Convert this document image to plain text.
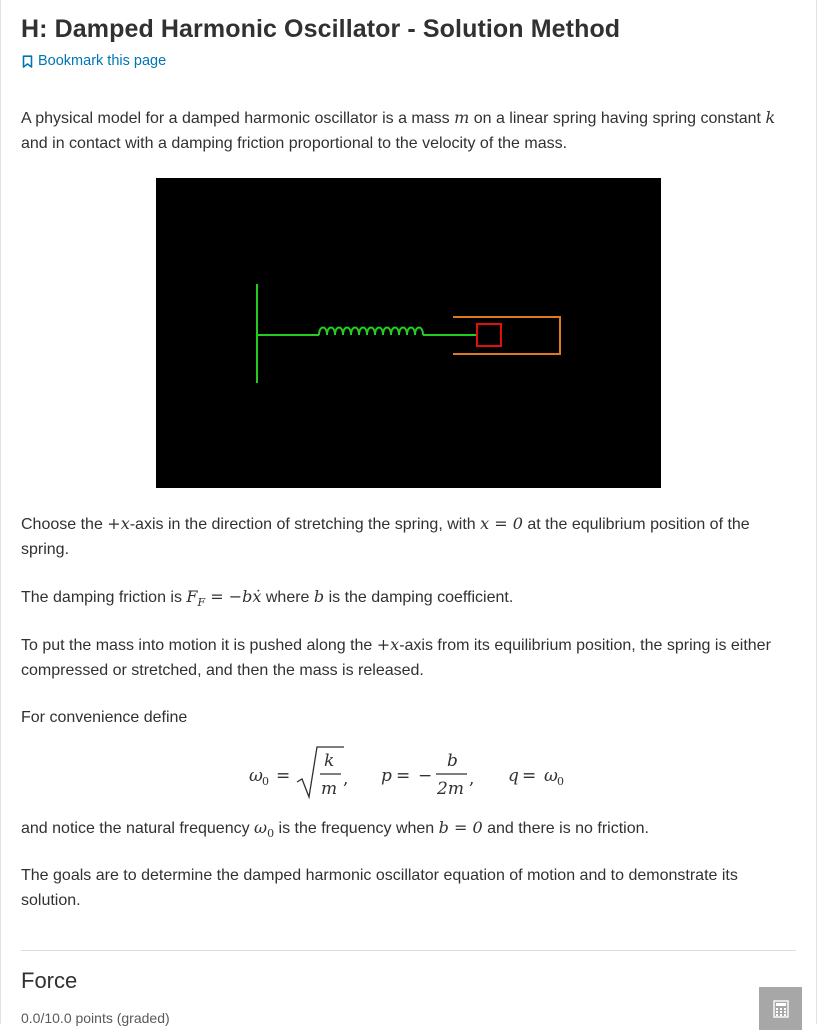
H: Damped Harmonic Oscillator - Solution Method
Bookmark this page

A physical model for a damped harmonic oscillator is a mass m on a linear spring having spring constant k and in contact with a damping friction proportional to the velocity of the mass.

Choose the +x-axis in the direction of stretching the spring, with x = 0 at the equlibrium position of the spring.

The damping friction is $F_F$ = −bẋ where b is the damping coefficient.

To put the mass into motion it is pushed along the +x-axis from its equilibrium position, the spring is either compressed or stretched, and then the mass is released.

For convenience define

ω 0 =
k
m , p = −
b
2m , q = ω 0

and notice the natural frequency $\omega_0$ is the frequency when b = 0 and there is no friction.

The goals are to determine the damped harmonic oscillator equation of motion and to demonstrate its solution.

Force
0.0/10.0 points (graded)
